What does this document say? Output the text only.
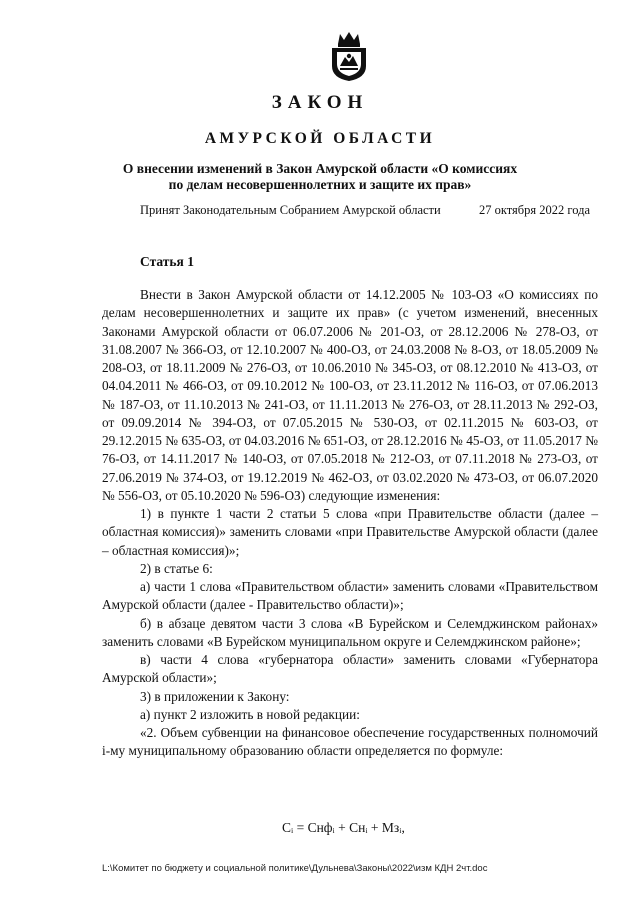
ЗАКОН
АМУРСКОЙ ОБЛАСТИ
О внесении изменений в Закон Амурской области «О комиссиях
по делам несовершеннолетних и защите их прав»
Принят Законодательным Собранием Амурской области	27 октября 2022 года
Статья 1

Внести в Закон Амурской области от 14.12.2005 № 103-ОЗ «О комиссиях по делам несовершеннолетних и защите их прав» (с учетом изменений, внесенных Законами Амурской области от 06.07.2006 № 201-ОЗ, от 28.12.2006 № 278-ОЗ, от 31.08.2007 № 366-ОЗ, от 12.10.2007 № 400-ОЗ, от 24.03.2008 № 8-ОЗ, от 18.05.2009 № 208-ОЗ, от 18.11.2009 № 276-ОЗ, от 10.06.2010 № 345-ОЗ, от 08.12.2010 № 413-ОЗ, от 04.04.2011 № 466-ОЗ, от 09.10.2012 № 100-ОЗ, от 23.11.2012 № 116-ОЗ, от 07.06.2013 № 187-ОЗ, от 11.10.2013 № 241-ОЗ, от 11.11.2013 № 276-ОЗ, от 28.11.2013 № 292-ОЗ, от 09.09.2014 № 394-ОЗ, от 07.05.2015 № 530-ОЗ, от 02.11.2015 № 603-ОЗ, от 29.12.2015 № 635-ОЗ, от 04.03.2016 № 651-ОЗ, от 28.12.2016 № 45-ОЗ, от 11.05.2017 № 76-ОЗ, от 14.11.2017 № 140-ОЗ, от 07.05.2018 № 212-ОЗ, от 07.11.2018 № 273-ОЗ, от 27.06.2019 № 374-ОЗ, от 19.12.2019 № 462-ОЗ, от 03.02.2020 № 473-ОЗ, от 06.07.2020 № 556-ОЗ, от 05.10.2020 № 596-ОЗ) следующие изменения:

1) в пункте 1 части 2 статьи 5 слова «при Правительстве области (далее – областная комиссия)» заменить словами «при Правительстве Амурской области (далее – областная комиссия)»;

2) в статье 6:

а) части 1 слова «Правительством области» заменить словами «Правительством Амурской области (далее - Правительство области)»;

б) в абзаце девятом части 3 слова «В Бурейском и Селемджинском районах» заменить словами «В Бурейском муниципальном округе и Селемджинском районе»;

в) части 4 слова «губернатора области» заменить словами «Губернатора Амурской области»;

3) в приложении к Закону:

а) пункт 2 изложить в новой редакции:

«2. Объем субвенции на финансовое обеспечение государственных полномочий i-му муниципальному образованию области определяется по формуле:

Cᵢ = Снфᵢ + Снᵢ + Мзᵢ,
L:\Комитет по бюджету и социальной политике\Дульнева\Законы\2022\изм КДН 2чт.doc
